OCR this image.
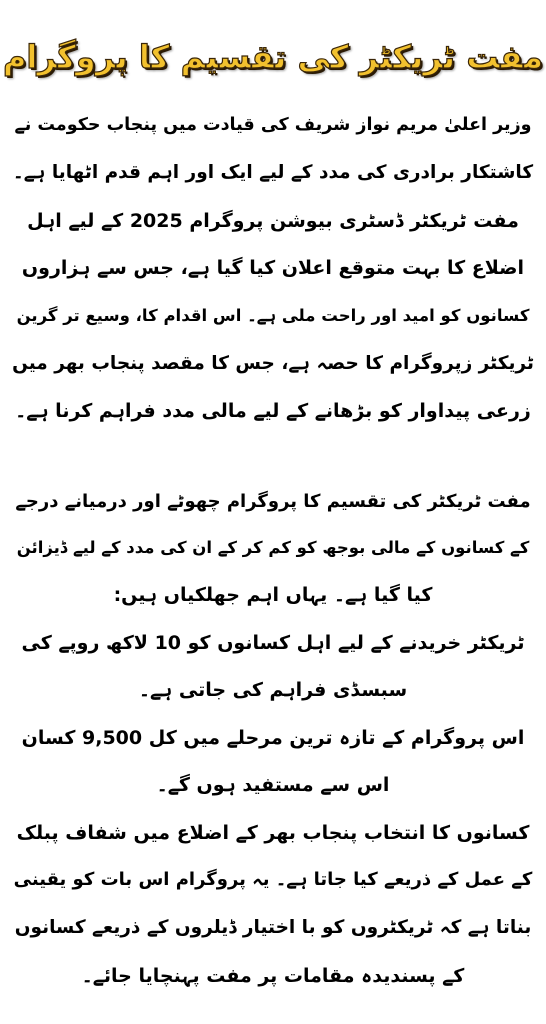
مفت ٹریکٹر کی تقسیم کا پروگرام
وزیر اعلیٰ مریم نواز شریف کی قیادت میں پنجاب حکومت نے
کاشتکار برادری کی مدد کے لیے ایک اور اہم قدم اٹھایا ہے۔
مفت ٹریکٹر ڈسٹری بیوشن پروگرام 2025 کے لیے اہل
اضلاع کا بہت متوقع اعلان کیا گیا ہے، جس سے ہزاروں
کسانوں کو امید اور راحت ملی ہے۔ اس اقدام کا، وسیع تر گرین
ٹریکٹر زپروگرام کا حصہ ہے، جس کا مقصد پنجاب بھر میں
زرعی پیداوار کو بڑھانے کے لیے مالی مدد فراہم کرنا ہے۔
مفت ٹریکٹر کی تقسیم کا پروگرام چھوٹے اور درمیانے درجے
کے کسانوں کے مالی بوجھ کو کم کر کے ان کی مدد کے لیے ڈیزائن
کیا گیا ہے۔ یہاں اہم جھلکیاں ہیں:
ٹریکٹر خریدنے کے لیے اہل کسانوں کو 10 لاکھ روپے کی
سبسڈی فراہم کی جاتی ہے۔
اس پروگرام کے تازہ ترین مرحلے میں کل 9,500 کسان
اس سے مستفید ہوں گے۔
کسانوں کا انتخاب پنجاب بھر کے اضلاع میں شفاف پبلک
کے عمل کے ذریعے کیا جاتا ہے۔ یہ پروگرام اس بات کو یقینی
بناتا ہے کہ ٹریکٹروں کو با اختیار ڈیلروں کے ذریعے کسانوں
کے پسندیدہ مقامات پر مفت پہنچایا جائے۔
